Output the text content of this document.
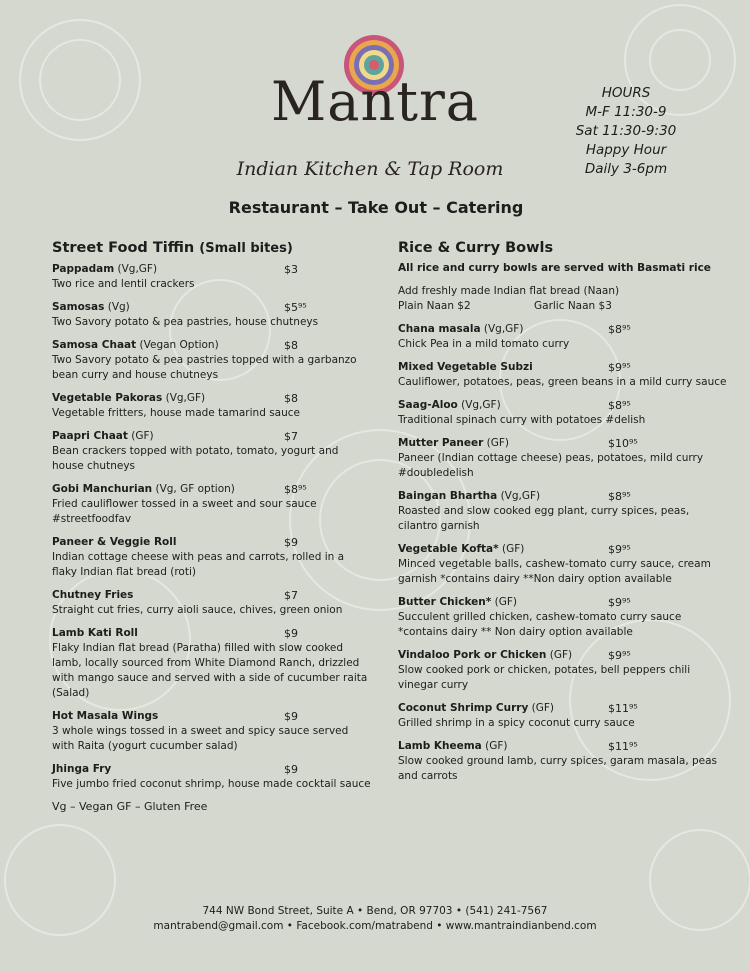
Mantra
Indian Kitchen & Tap Room
Restaurant – Take Out – Catering
HOURS
M-F 11:30-9
Sat 11:30-9:30
Happy Hour
Daily 3-6pm
Street Food Tiffin (Small bites)
Pappadam (Vg,GF)	$3
Two rice and lentil crackers
Samosas (Vg)	$5⁹⁵
Two Savory potato & pea pastries, house chutneys
Samosa Chaat (Vegan Option)	$8
Two Savory potato & pea pastries topped with a garbanzo bean curry and house chutneys
Vegetable Pakoras (Vg,GF)	$8
Vegetable fritters, house made tamarind sauce
Paapri Chaat (GF)	$7
Bean crackers topped with potato, tomato, yogurt and house chutneys
Gobi Manchurian (Vg, GF option)	$8⁹⁵
Fried cauliflower tossed in a sweet and sour sauce #streetfoodfav
Paneer & Veggie Roll	$9
Indian cottage cheese with peas and carrots, rolled in a flaky Indian flat bread (roti)
Chutney Fries	$7
Straight cut fries, curry aioli sauce, chives, green onion
Lamb Kati Roll	$9
Flaky Indian flat bread (Paratha) filled with slow cooked lamb, locally sourced from White Diamond Ranch, drizzled with mango sauce and served with a side of cucumber raita (Salad)
Hot Masala Wings	$9
3 whole wings tossed in a sweet and spicy sauce served with Raita (yogurt cucumber salad)
Jhinga Fry	$9
Five jumbo fried coconut shrimp, house made cocktail sauce
Vg – Vegan GF – Gluten Free
Rice & Curry Bowls
All rice and curry bowls are served with Basmati rice
Add freshly made Indian flat bread (Naan)
Plain Naan $2	Garlic Naan $3
Chana masala (Vg,GF)	$8⁹⁵
Chick Pea in a mild tomato curry
Mixed Vegetable Subzi	$9⁹⁵
Cauliflower, potatoes, peas, green beans in a mild curry sauce
Saag-Aloo (Vg,GF)	$8⁹⁵
Traditional spinach curry with potatoes #delish
Mutter Paneer (GF)	$10⁹⁵
Paneer (Indian cottage cheese) peas, potatoes, mild curry #doubledelish
Baingan Bhartha (Vg,GF)	$8⁹⁵
Roasted and slow cooked egg plant, curry spices, peas, cilantro garnish
Vegetable Kofta* (GF)	$9⁹⁵
Minced vegetable balls, cashew-tomato curry sauce, cream garnish *contains dairy **Non dairy option available
Butter Chicken* (GF)	$9⁹⁵
Succulent grilled chicken, cashew-tomato curry sauce *contains dairy ** Non dairy option available
Vindaloo Pork or Chicken (GF)	$9⁹⁵
Slow cooked pork or chicken, potates, bell peppers chili vinegar curry
Coconut Shrimp Curry (GF)	$11⁹⁵
Grilled shrimp in a spicy coconut curry sauce
Lamb Kheema (GF)	$11⁹⁵
Slow cooked ground lamb, curry spices, garam masala, peas and carrots
744 NW Bond Street, Suite A • Bend, OR 97703 • (541) 241-7567
mantrabend@gmail.com • Facebook.com/matrabend • www.mantraindianbend.com
